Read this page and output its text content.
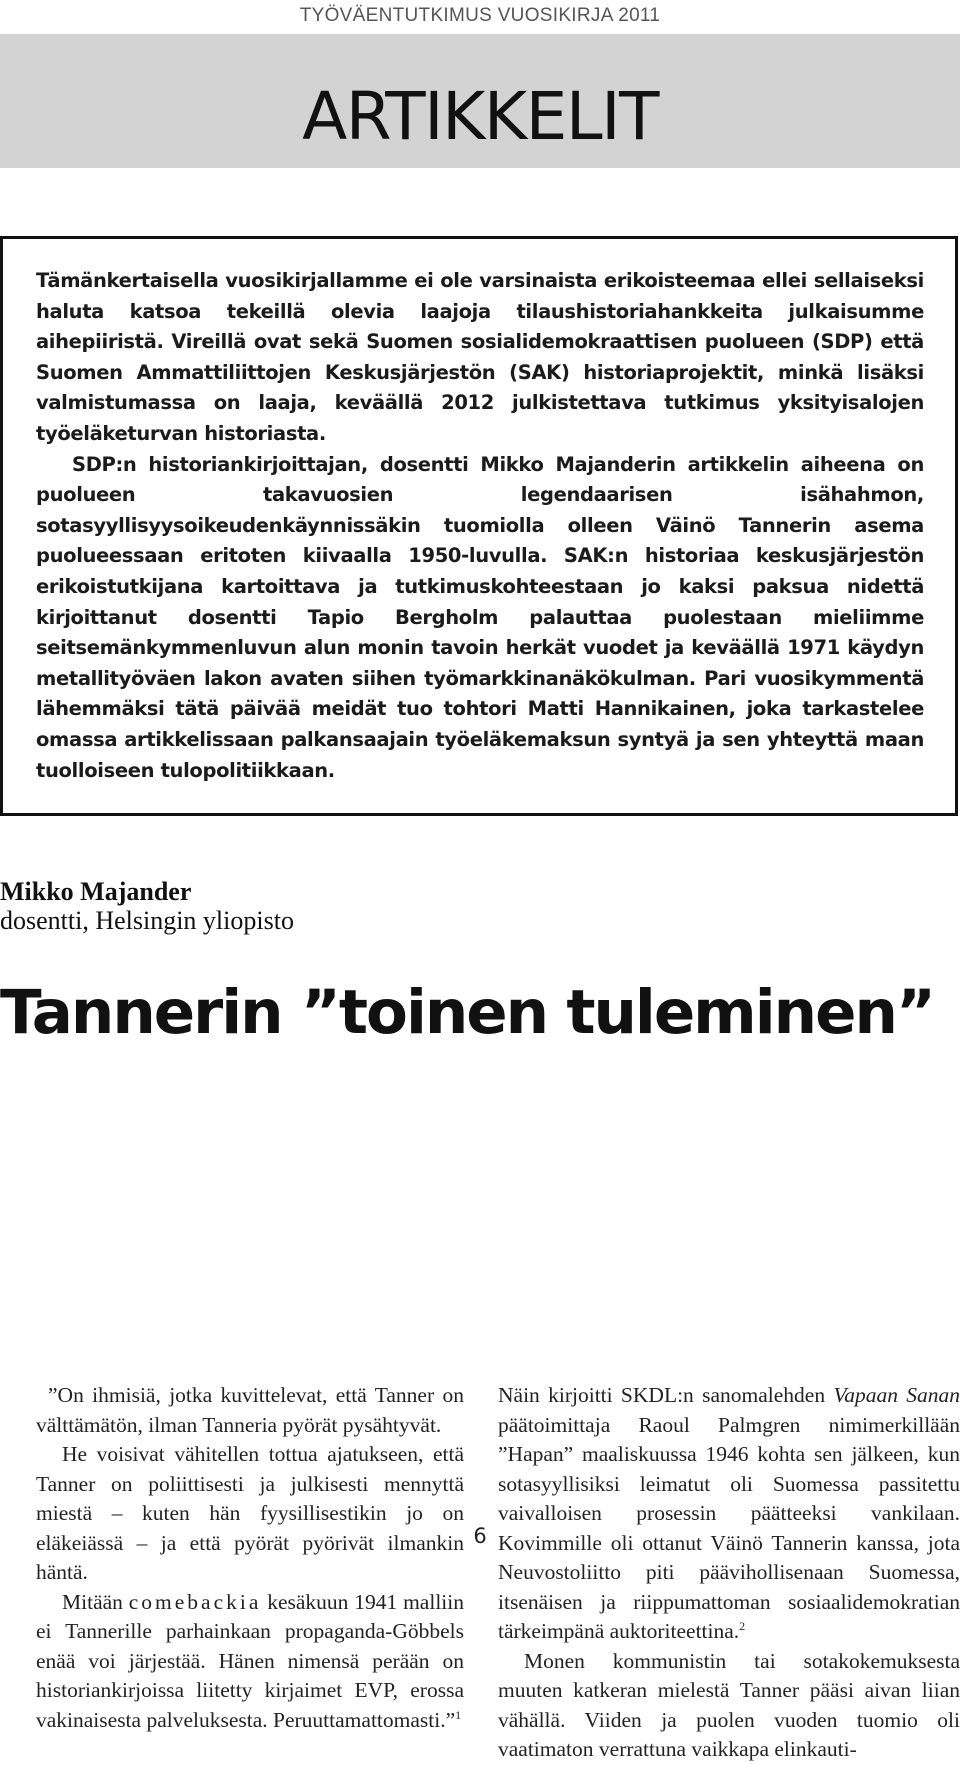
TYÖVÄENTUTKIMUS VUOSIKIRJA 2011
ARTIKKELIT

Tämänkertaisella vuosikirjallamme ei ole varsinaista erikoisteemaa ellei sellaiseksi haluta katsoa tekeillä olevia laajoja tilaushistoriahankkeita julkaisumme aihepiiristä. Vireillä ovat sekä Suomen sosialidemokraattisen puolueen (SDP) että Suomen Ammattiliittojen Keskusjärjestön (SAK) historiaprojektit, minkä lisäksi valmistumassa on laaja, keväällä 2012 julkistettava tutkimus yksityisalojen työeläketurvan historiasta.

SDP:n historiankirjoittajan, dosentti Mikko Majanderin artikkelin aiheena on puolueen takavuosien legendaarisen isähahmon, sotasyyllisyysoikeudenkäynnissäkin tuomiolla olleen Väinö Tannerin asema puolueessaan eritoten kiivaalla 1950-luvulla. SAK:n historiaa keskusjärjestön erikoistutkijana kartoittava ja tutkimuskohteestaan jo kaksi paksua nidettä kirjoittanut dosentti Tapio Bergholm palauttaa puolestaan mieliimme seitsemänkymmenluvun alun monin tavoin herkät vuodet ja keväällä 1971 käydyn metallityöväen lakon avaten siihen työmarkkinanäkökulman. Pari vuosikymmentä lähemmäksi tätä päivää meidät tuo tohtori Matti Hannikainen, joka tarkastelee omassa artikkelissaan palkansaajain työeläkemaksun syntyä ja sen yhteyttä maan tuolloiseen tulopolitiikkaan.

Mikko Majander
dosentti, Helsingin yliopisto
Tannerin ”toinen tuleminen”

”On ihmisiä, jotka kuvittelevat, että Tanner on välttämätön, ilman Tanneria pyörät pysähtyvät.

He voisivat vähitellen tottua ajatukseen, että Tanner on poliittisesti ja julkisesti mennyttä miestä – kuten hän fyysillisestikin jo on eläkeiässä – ja että pyörät pyörivät ilmankin häntä.

Mitään comebackia kesäkuun 1941 malliin ei Tannerille parhainkaan propaganda-Göbbels enää voi järjestää. Hänen nimensä perään on historiankirjoissa liitetty kirjaimet EVP, erossa vakinaisesta palveluksesta. Peruuttamattomasti.”$^1$

Näin kirjoitti SKDL:n sanomalehden Vapaan Sanan päätoimittaja Raoul Palmgren nimimerkillään ”Hapan” maaliskuussa 1946 kohta sen jälkeen, kun sotasyyllisiksi leimatut oli Suomessa passitettu vaivalloisen prosessin päätteeksi vankilaan. Kovimmille oli ottanut Väinö Tannerin kanssa, jota Neuvostoliitto piti päävihollisenaan Suomessa, itsenäisen ja riippumattoman sosiaalidemokratian tärkeimpänä auktoriteettina.$^2$

Monen kommunistin tai sotakokemuksesta muuten katkeran mielestä Tanner pääsi aivan liian vähällä. Viiden ja puolen vuoden tuomio oli vaatimaton verrattuna vaikkapa elinkauti-

6
